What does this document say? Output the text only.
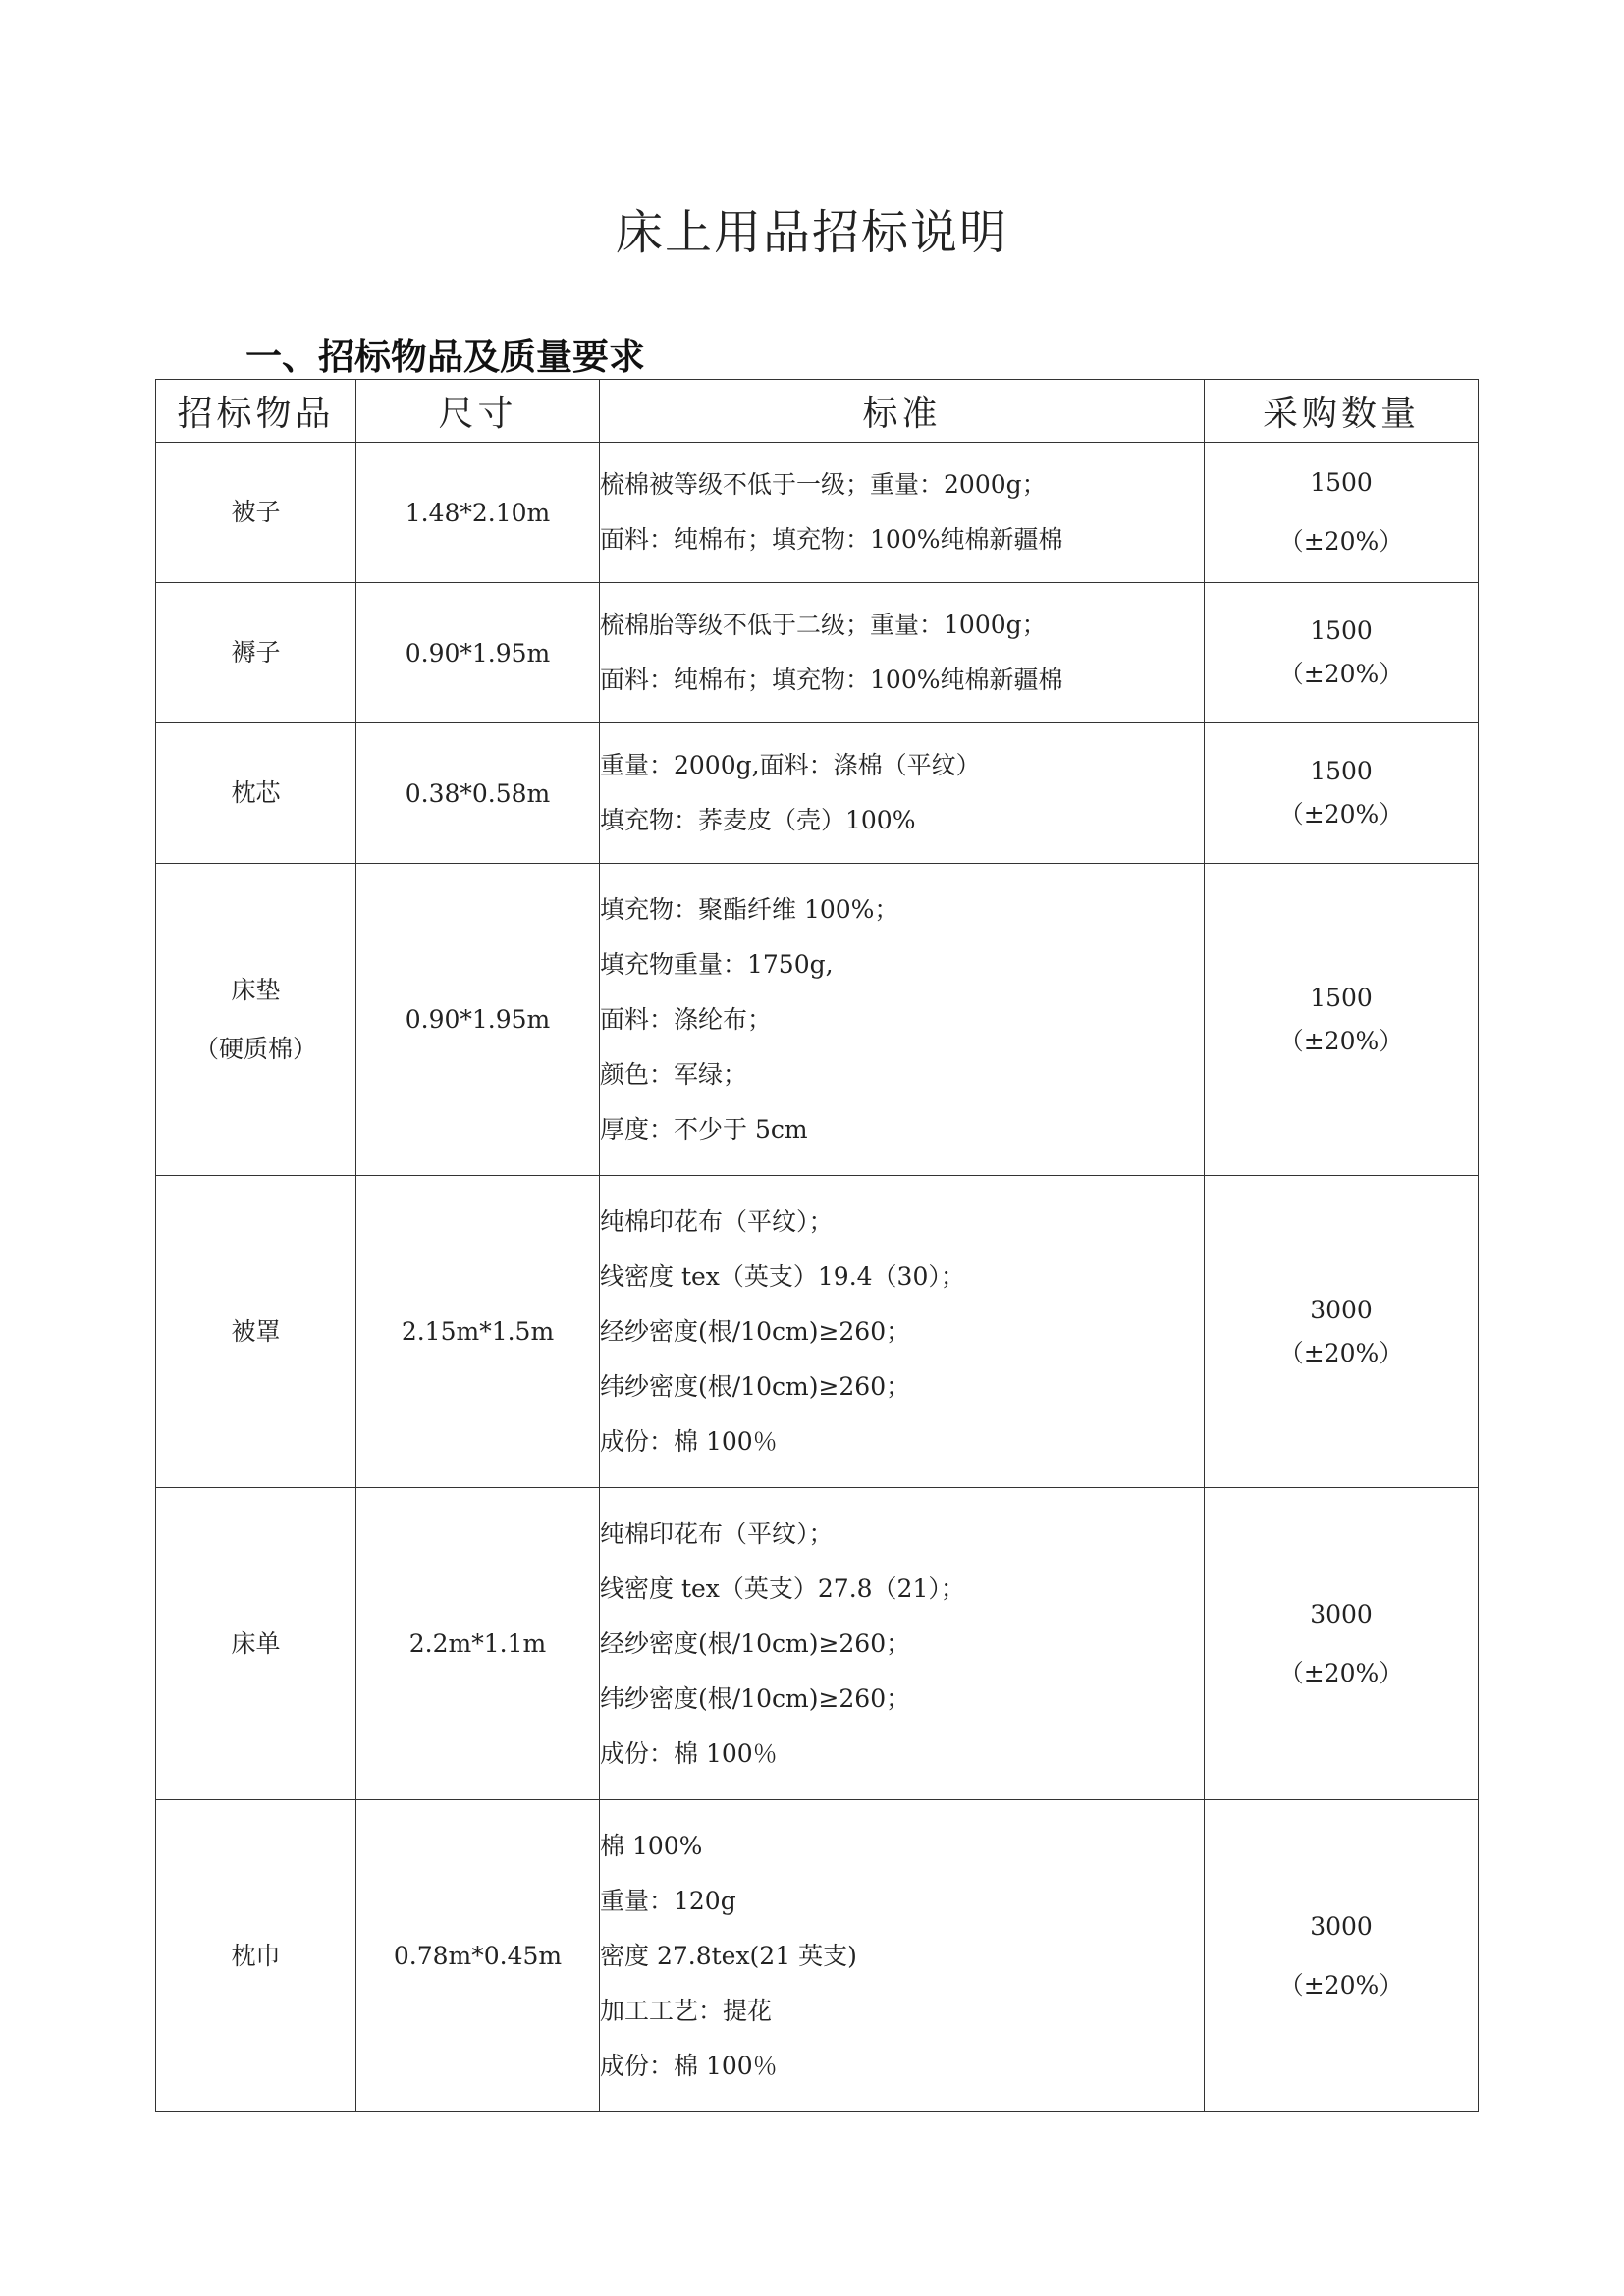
床上用品招标说明
一、招标物品及质量要求
招标物品	尺寸	标准	采购数量

被子	1.48*2.10m	梳棉被等级不低于一级；重量：2000g；
面料：纯棉布；填充物：100%纯棉新疆棉	1500
（±20%）

褥子	0.90*1.95m	梳棉胎等级不低于二级；重量：1000g；
面料：纯棉布；填充物：100%纯棉新疆棉	1500
（±20%）

枕芯	0.38*0.58m	重量：2000g,面料：涤棉（平纹）
填充物：荞麦皮（壳）100%	1500
（±20%）

床垫
（硬质棉）	0.90*1.95m	填充物：聚酯纤维 100%；
填充物重量：1750g,
面料：涤纶布；
颜色：军绿；
厚度：不少于 5cm	1500
（±20%）

被罩	2.15m*1.5m	纯棉印花布（平纹）；
线密度 tex（英支）19.4（30）；
经纱密度(根/10cm)≥260；
纬纱密度(根/10cm)≥260；
成份：棉 100％	3000
（±20%）

床单	2.2m*1.1m	纯棉印花布（平纹）；
线密度 tex（英支）27.8（21）；
经纱密度(根/10cm)≥260；
纬纱密度(根/10cm)≥260；
成份：棉 100％	3000
（±20%）

枕巾	0.78m*0.45m	棉 100%
重量：120g
密度 27.8tex(21 英支)
加工工艺：提花
成份：棉 100％	3000
（±20%）
